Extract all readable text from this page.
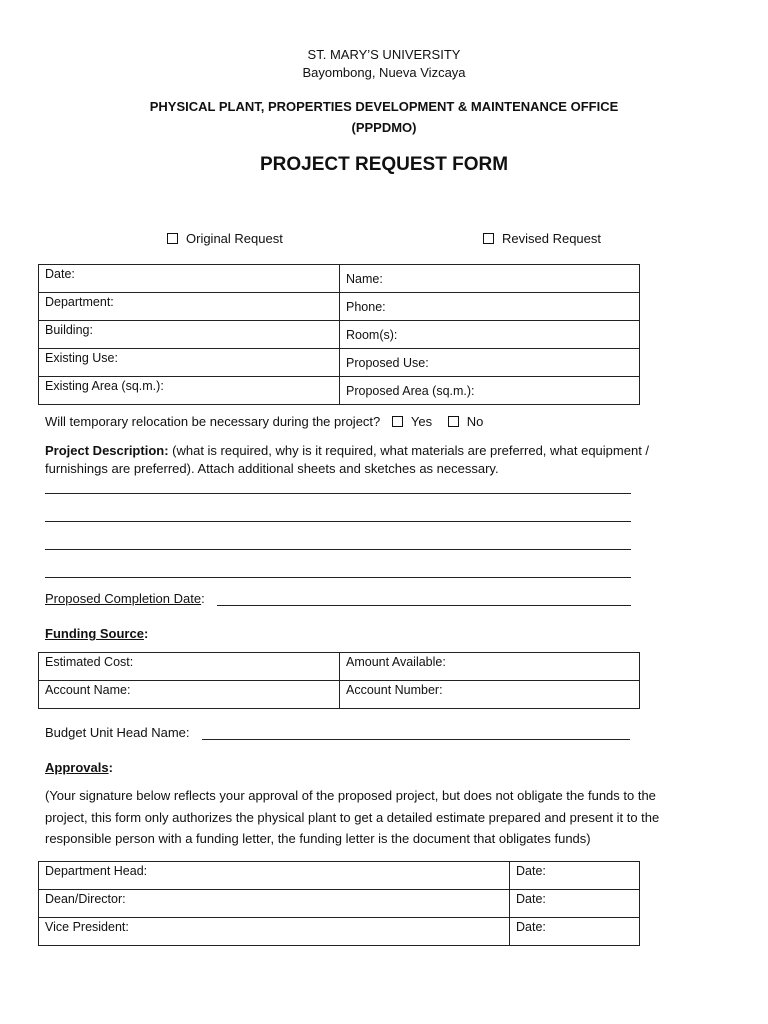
ST. MARY’S UNIVERSITY
Bayombong, Nueva Vizcaya
PHYSICAL PLANT, PROPERTIES DEVELOPMENT & MAINTENANCE OFFICE
(PPPDMO)
PROJECT REQUEST FORM
Original Request	Revised Request
Date:	Name:
Department:	Phone:
Building:	Room(s):
Existing Use:	Proposed Use:
Existing Area (sq.m.):	Proposed Area (sq.m.):
Will temporary relocation be necessary during the project? Yes	No
Project Description: (what is required, why is it required, what materials are preferred, what equipment /
furnishings are preferred). Attach additional sheets and sketches as necessary.
Proposed Completion Date:
Funding Source:
Estimated Cost:	Amount Available:
Account Name:	Account Number:
Budget Unit Head Name:
Approvals:
(Your signature below reflects your approval of the proposed project, but does not obligate the funds to the
project, this form only authorizes the physical plant to get a detailed estimate prepared and present it to the
responsible person with a funding letter, the funding letter is the document that obligates funds)
Department Head:	Date:
Dean/Director:	Date:
Vice President:	Date:
